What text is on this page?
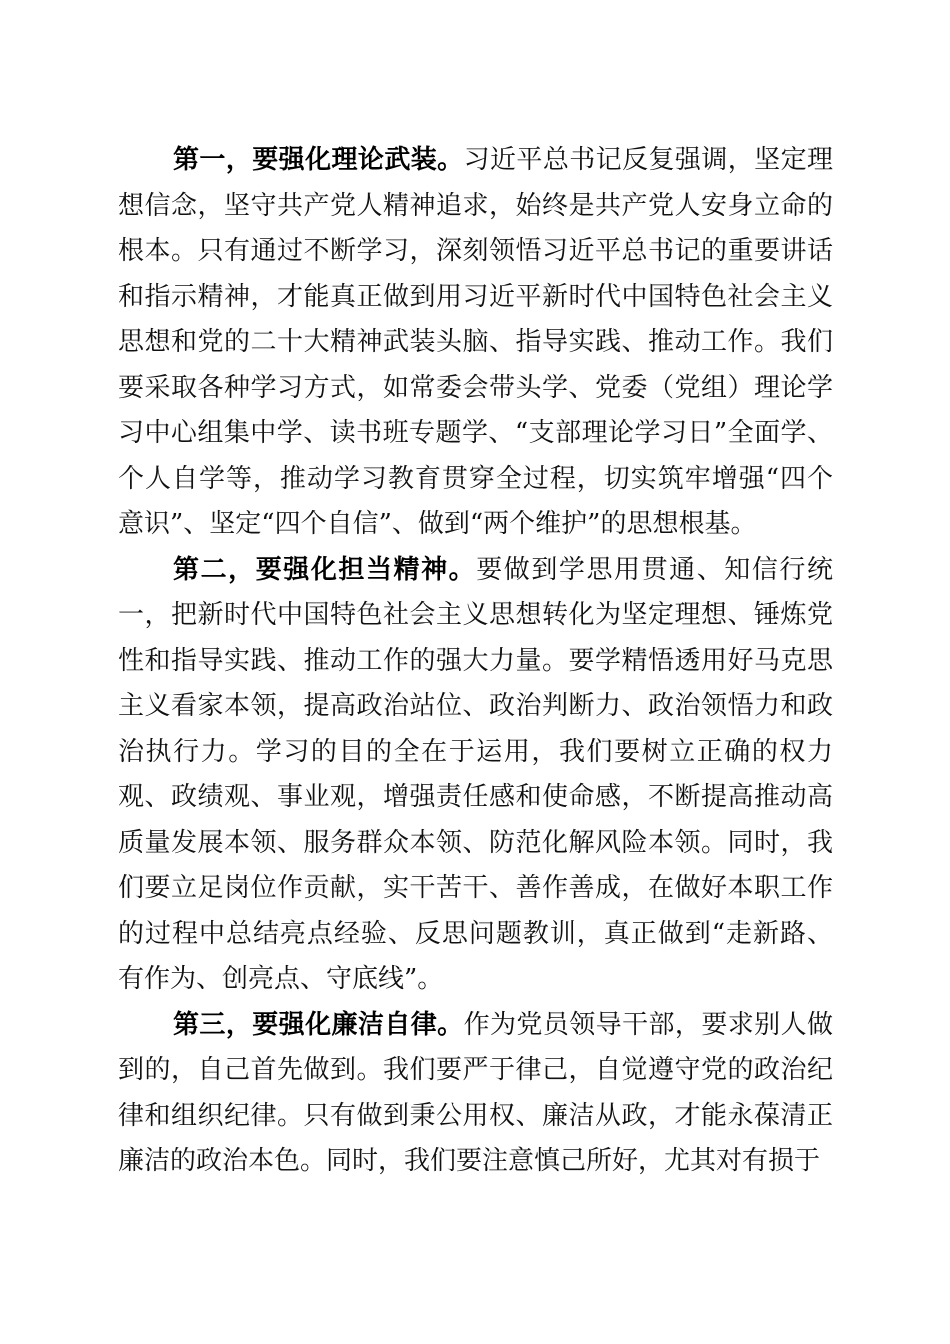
第一，要强化理论武装。习近平总书记反复强调，坚定理想信念，坚守共产党人精神追求，始终是共产党人安身立命的根本。只有通过不断学习，深刻领悟习近平总书记的重要讲话和指示精神，才能真正做到用习近平新时代中国特色社会主义思想和党的二十大精神武装头脑、指导实践、推动工作。我们要采取各种学习方式，如常委会带头学、党委（党组）理论学习中心组集中学、读书班专题学、“支部理论学习日”全面学、个人自学等，推动学习教育贯穿全过程，切实筑牢增强“四个意识”、坚定“四个自信”、做到“两个维护”的思想根基。

第二，要强化担当精神。要做到学思用贯通、知信行统一，把新时代中国特色社会主义思想转化为坚定理想、锤炼党性和指导实践、推动工作的强大力量。要学精悟透用好马克思主义看家本领，提高政治站位、政治判断力、政治领悟力和政治执行力。学习的目的全在于运用，我们要树立正确的权力观、政绩观、事业观，增强责任感和使命感，不断提高推动高质量发展本领、服务群众本领、防范化解风险本领。同时，我们要立足岗位作贡献，实干苦干、善作善成，在做好本职工作的过程中总结亮点经验、反思问题教训，真正做到“走新路、有作为、创亮点、守底线”。

第三，要强化廉洁自律。作为党员领导干部，要求别人做到的，自己首先做到。我们要严于律己，自觉遵守党的政治纪律和组织纪律。只有做到秉公用权、廉洁从政，才能永葆清正廉洁的政治本色。同时，我们要注意慎己所好，尤其对有损于
